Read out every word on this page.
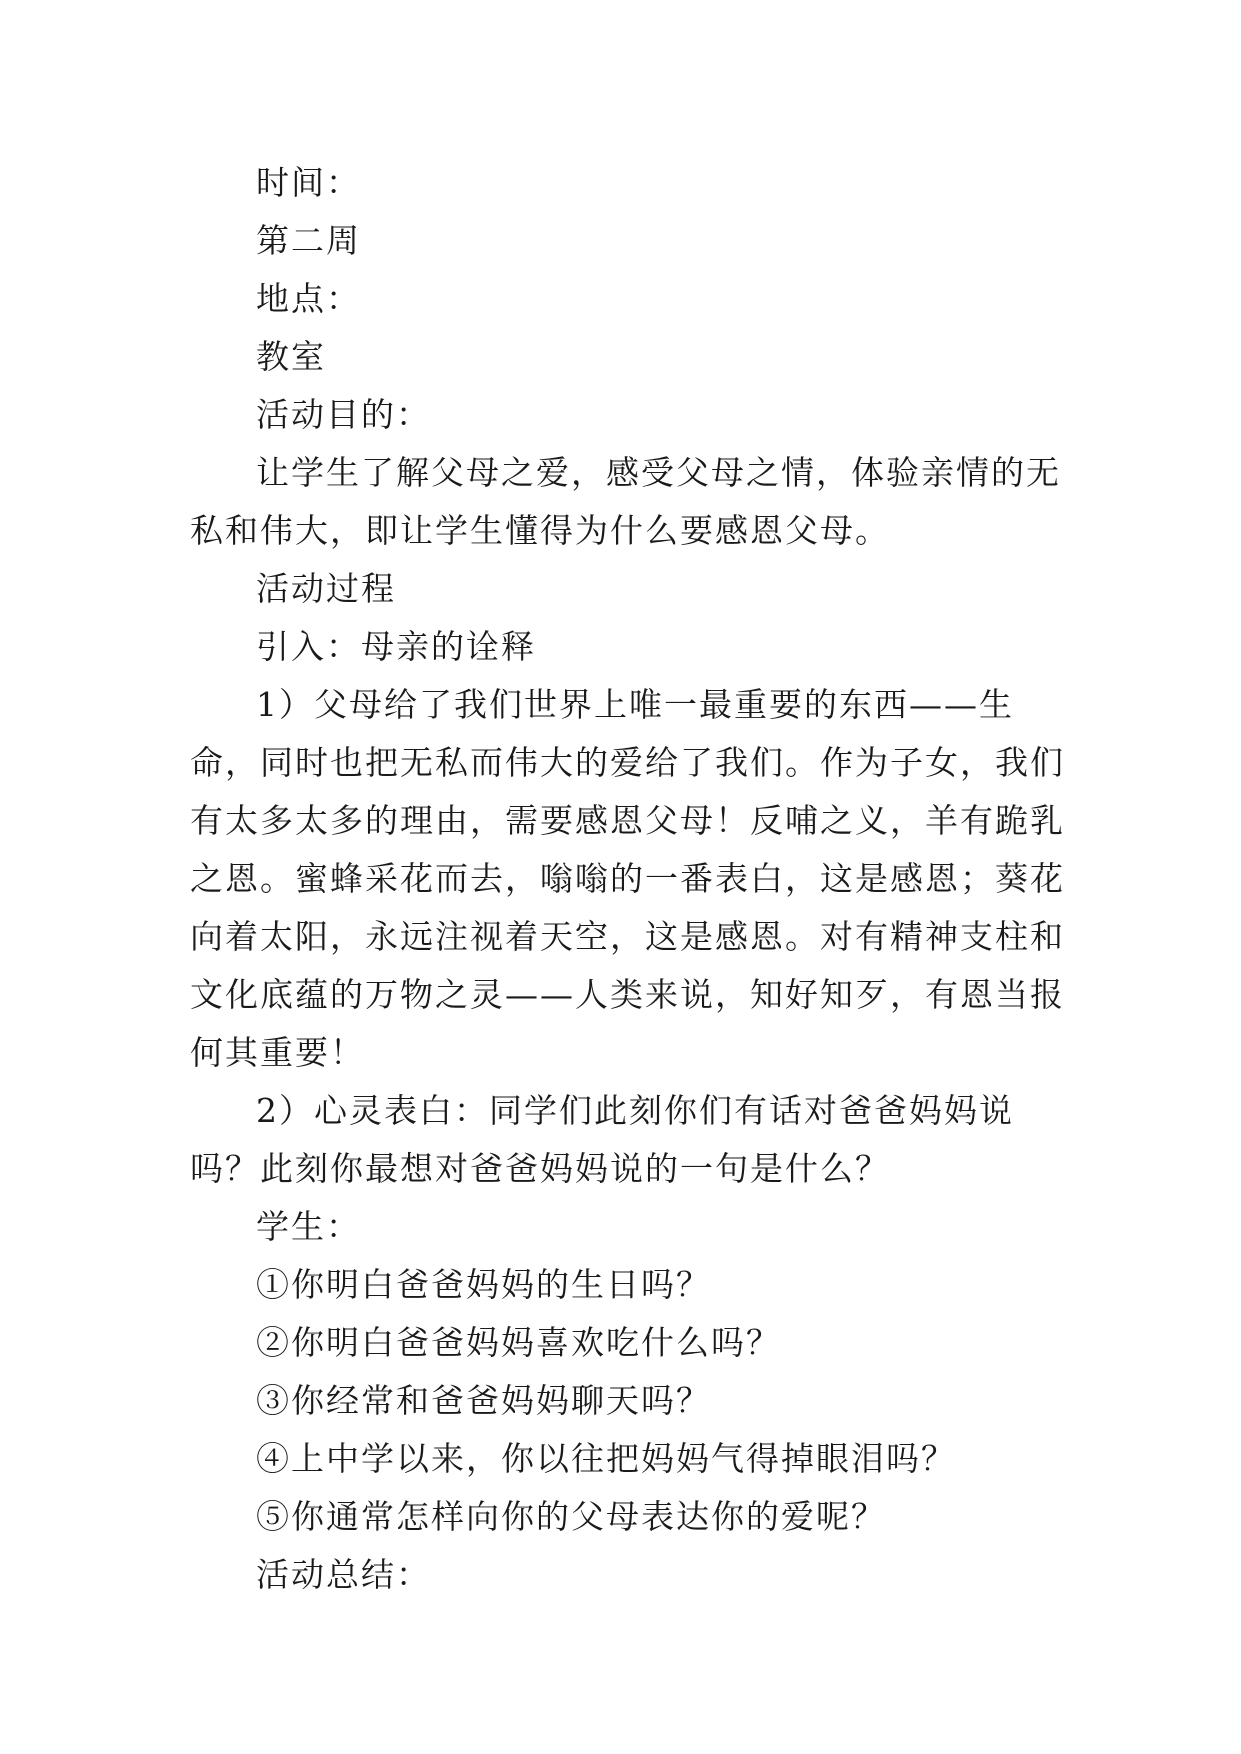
时间：

第二周

地点：

教室

活动目的：

让学生了解父母之爱，感受父母之情，体验亲情的无私和伟大，即让学生懂得为什么要感恩父母。

活动过程

引入：母亲的诠释

1）父母给了我们世界上唯一最重要的东西——生命，同时也把无私而伟大的爱给了我们。作为子女，我们有太多太多的理由，需要感恩父母！反哺之义，羊有跪乳之恩。蜜蜂采花而去，嗡嗡的一番表白，这是感恩；葵花向着太阳，永远注视着天空，这是感恩。对有精神支柱和文化底蕴的万物之灵——人类来说，知好知歹，有恩当报何其重要！

2）心灵表白：同学们此刻你们有话对爸爸妈妈说吗？此刻你最想对爸爸妈妈说的一句是什么？

学生：

①你明白爸爸妈妈的生日吗？

②你明白爸爸妈妈喜欢吃什么吗？

③你经常和爸爸妈妈聊天吗？

④上中学以来，你以往把妈妈气得掉眼泪吗？

⑤你通常怎样向你的父母表达你的爱呢？

活动总结：
